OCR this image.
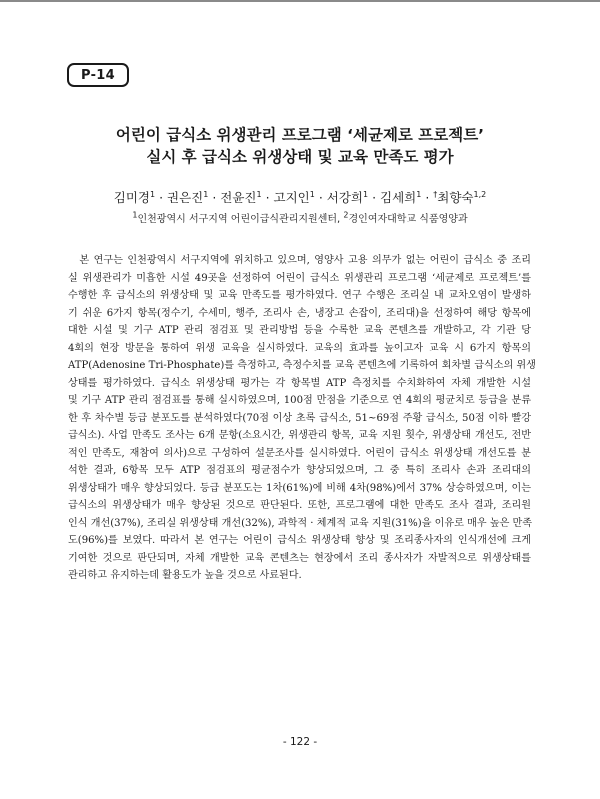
P-14
어린이 급식소 위생관리 프로그램 ‘세균제로 프로젝트’
실시 후 급식소 위생상태 및 교육 만족도 평가
김미경$^1$ · 권은진$^1$ · 전윤진$^1$ · 고지인$^1$ · 서강희$^1$ · 김세희$^1$ · †최향숙$^{1,2}$
$^1$인천광역시 서구지역 어린이급식관리지원센터, $^2$경인여자대학교 식품영양과
　본 연구는 인천광역시 서구지역에 위치하고 있으며, 영양사 고용 의무가 없는 어린이 급식소 중 조리
실 위생관리가 미흡한 시설 49곳을 선정하여 어린이 급식소 위생관리 프로그램 ‘세균제로 프로젝트’를
수행한 후 급식소의 위생상태 및 교육 만족도를 평가하였다. 연구 수행은 조리실 내 교차오염이 발생하
기 쉬운 6가지 항목(정수기, 수세미, 행주, 조리사 손, 냉장고 손잡이, 조리대)을 선정하여 해당 항목에
대한 시설 및 기구 ATP 관리 점검표 및 관리방법 등을 수록한 교육 콘텐츠를 개발하고, 각 기관 당
4회의 현장 방문을 통하여 위생 교육을 실시하였다. 교육의 효과를 높이고자 교육 시 6가지 항목의
ATP(Adenosine Tri-Phosphate)를 측정하고, 측정수치를 교육 콘텐츠에 기록하여 회차별 급식소의 위생
상태를 평가하였다. 급식소 위생상태 평가는 각 항목별 ATP 측정치를 수치화하여 자체 개발한 시설
및 기구 ATP 관리 점검표를 통해 실시하였으며, 100점 만점을 기준으로 연 4회의 평균치로 등급을 분류
한 후 차수별 등급 분포도를 분석하였다(70점 이상 초록 급식소, 51~69점 주황 급식소, 50점 이하 빨강
급식소). 사업 만족도 조사는 6개 문항(소요시간, 위생관리 항목, 교육 지원 횟수, 위생상태 개선도, 전반
적인 만족도, 재참여 의사)으로 구성하여 설문조사를 실시하였다. 어린이 급식소 위생상태 개선도를 분
석한 결과, 6항목 모두 ATP 점검표의 평균점수가 향상되었으며, 그 중 특히 조리사 손과 조리대의
위생상태가 매우 향상되었다. 등급 분포도는 1차(61%)에 비해 4차(98%)에서 37% 상승하였으며, 이는
급식소의 위생상태가 매우 향상된 것으로 판단된다. 또한, 프로그램에 대한 만족도 조사 결과, 조리원
인식 개선(37%), 조리실 위생상태 개선(32%), 과학적 · 체계적 교육 지원(31%)을 이유로 매우 높은 만족
도(96%)를 보였다. 따라서 본 연구는 어린이 급식소 위생상태 향상 및 조리종사자의 인식개선에 크게
기여한 것으로 판단되며, 자체 개발한 교육 콘텐츠는 현장에서 조리 종사자가 자발적으로 위생상태를
관리하고 유지하는데 활용도가 높을 것으로 사료된다.
- 122 -
